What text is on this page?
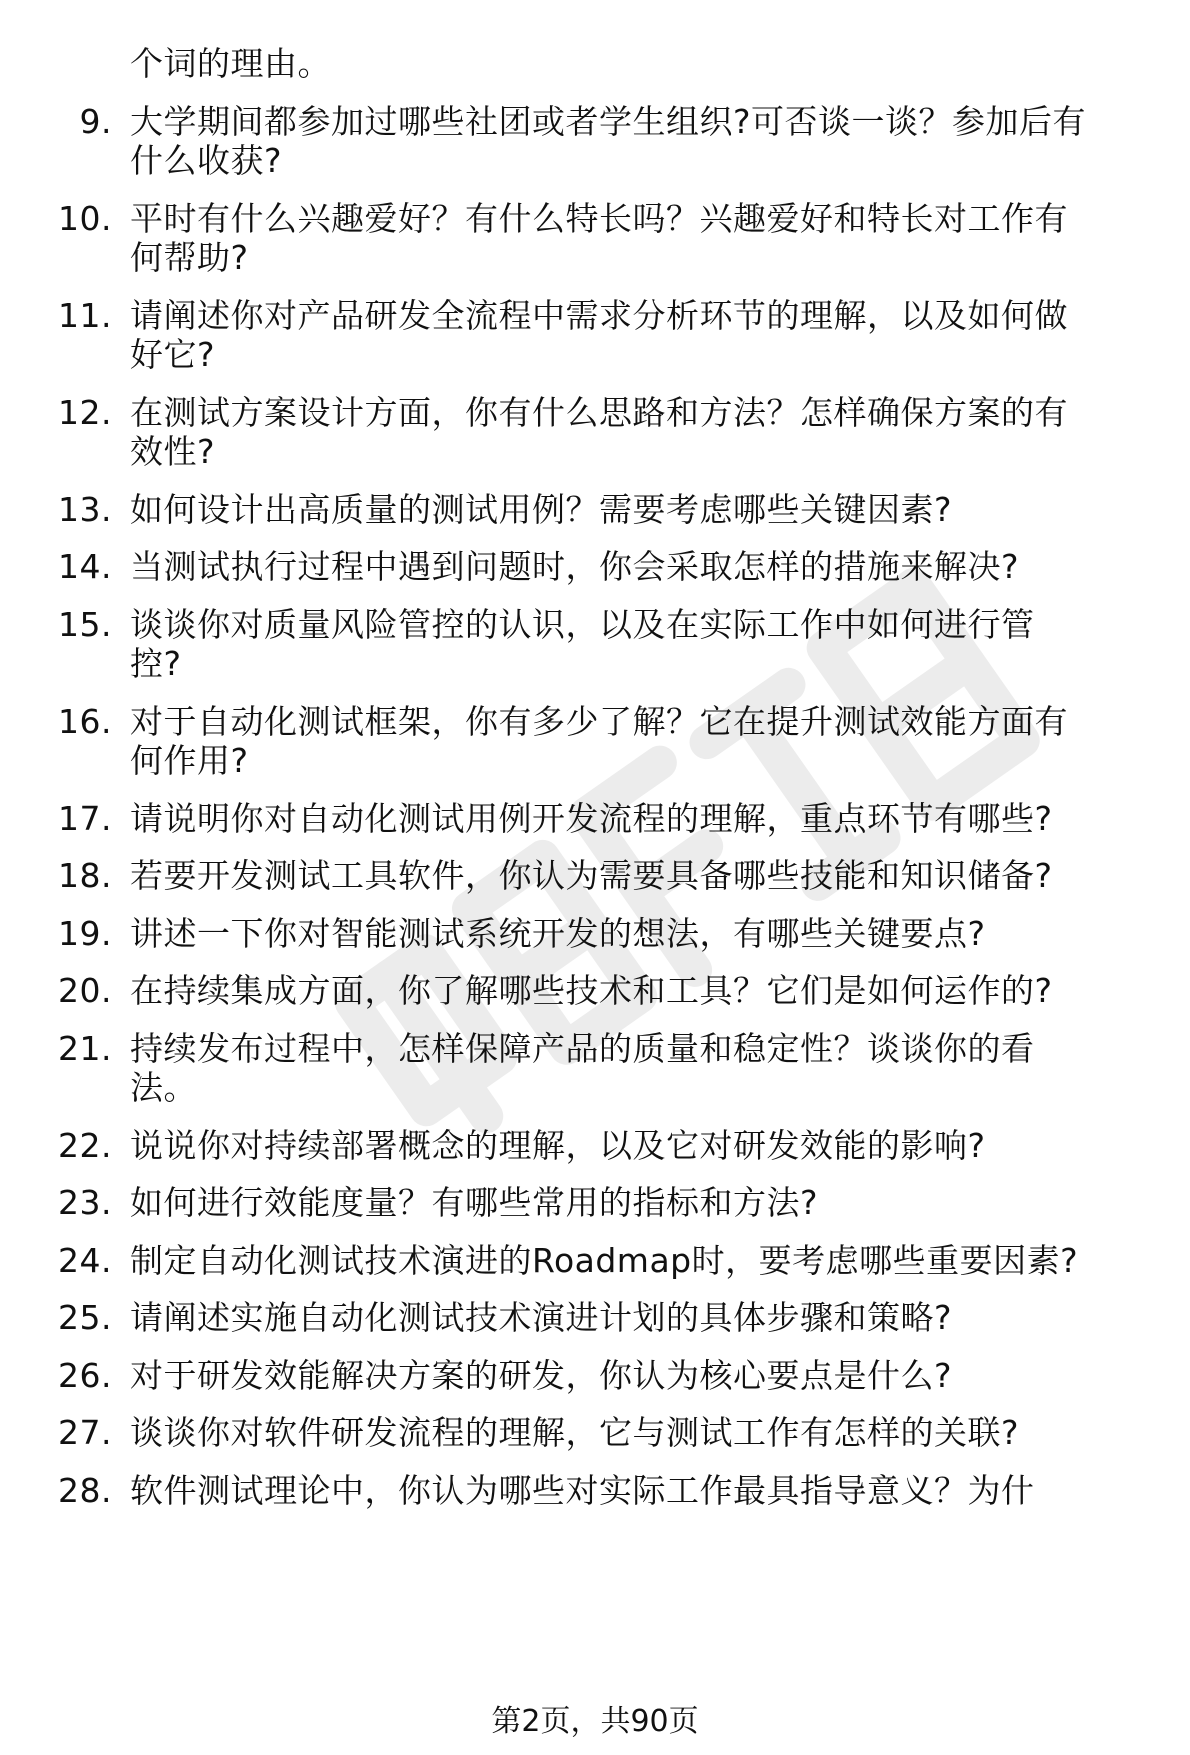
个词的理由。
9. 大学期间都参加过哪些社团或者学生组织?可否谈一谈？参加后有
什么收获?
10. 平时有什么兴趣爱好？有什么特长吗？兴趣爱好和特长对工作有
何帮助?
11. 请阐述你对产品研发全流程中需求分析环节的理解，以及如何做
好它?
12. 在测试方案设计方面，你有什么思路和方法？怎样确保方案的有
效性?
13. 如何设计出高质量的测试用例？需要考虑哪些关键因素?
14. 当测试执行过程中遇到问题时，你会采取怎样的措施来解决?
15. 谈谈你对质量风险管控的认识，以及在实际工作中如何进行管
控?
16. 对于自动化测试框架，你有多少了解？它在提升测试效能方面有
何作用?
17. 请说明你对自动化测试用例开发流程的理解，重点环节有哪些?
18. 若要开发测试工具软件，你认为需要具备哪些技能和知识储备?
19. 讲述一下你对智能测试系统开发的想法，有哪些关键要点?
20. 在持续集成方面，你了解哪些技术和工具？它们是如何运作的?
21. 持续发布过程中，怎样保障产品的质量和稳定性？谈谈你的看
法。
22. 说说你对持续部署概念的理解，以及它对研发效能的影响?
23. 如何进行效能度量？有哪些常用的指标和方法?
24. 制定自动化测试技术演进的Roadmap时，要考虑哪些重要因素?
25. 请阐述实施自动化测试技术演进计划的具体步骤和策略?
26. 对于研发效能解决方案的研发，你认为核心要点是什么?
27. 谈谈你对软件研发流程的理解，它与测试工作有怎样的关联?
28. 软件测试理论中，你认为哪些对实际工作最具指导意义？为什
第2页，共90页
